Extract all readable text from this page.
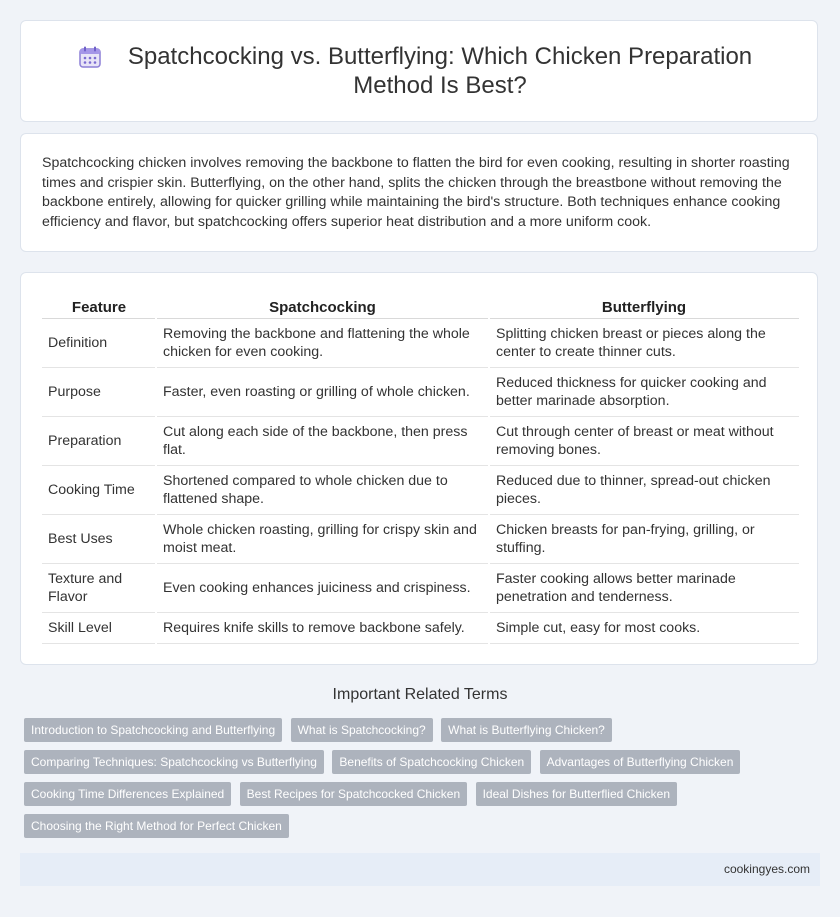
Spatchcocking vs. Butterflying: Which Chicken Preparation Method Is Best?

Spatchcocking chicken involves removing the backbone to flatten the bird for even cooking, resulting in shorter roasting times and crispier skin. Butterflying, on the other hand, splits the chicken through the breastbone without removing the backbone entirely, allowing for quicker grilling while maintaining the bird's structure. Both techniques enhance cooking efficiency and flavor, but spatchcocking offers superior heat distribution and a more uniform cook.

Feature	Spatchcocking	Butterflying
Definition	Removing the backbone and flattening the whole chicken for even cooking.	Splitting chicken breast or pieces along the center to create thinner cuts.
Purpose	Faster, even roasting or grilling of whole chicken.	Reduced thickness for quicker cooking and better marinade absorption.
Preparation	Cut along each side of the backbone, then press flat.	Cut through center of breast or meat without removing bones.
Cooking Time	Shortened compared to whole chicken due to flattened shape.	Reduced due to thinner, spread-out chicken pieces.
Best Uses	Whole chicken roasting, grilling for crispy skin and moist meat.	Chicken breasts for pan-frying, grilling, or stuffing.
Texture and Flavor	Even cooking enhances juiciness and crispiness.	Faster cooking allows better marinade penetration and tenderness.
Skill Level	Requires knife skills to remove backbone safely.	Simple cut, easy for most cooks.
Important Related Terms
Introduction to Spatchcocking and Butterflying What is Spatchcocking? What is Butterflying Chicken?
Comparing Techniques: Spatchcocking vs Butterflying Benefits of Spatchcocking Chicken Advantages of Butterflying Chicken
Cooking Time Differences Explained Best Recipes for Spatchcocked Chicken Ideal Dishes for Butterflied Chicken
Choosing the Right Method for Perfect Chicken
cookingyes.com
